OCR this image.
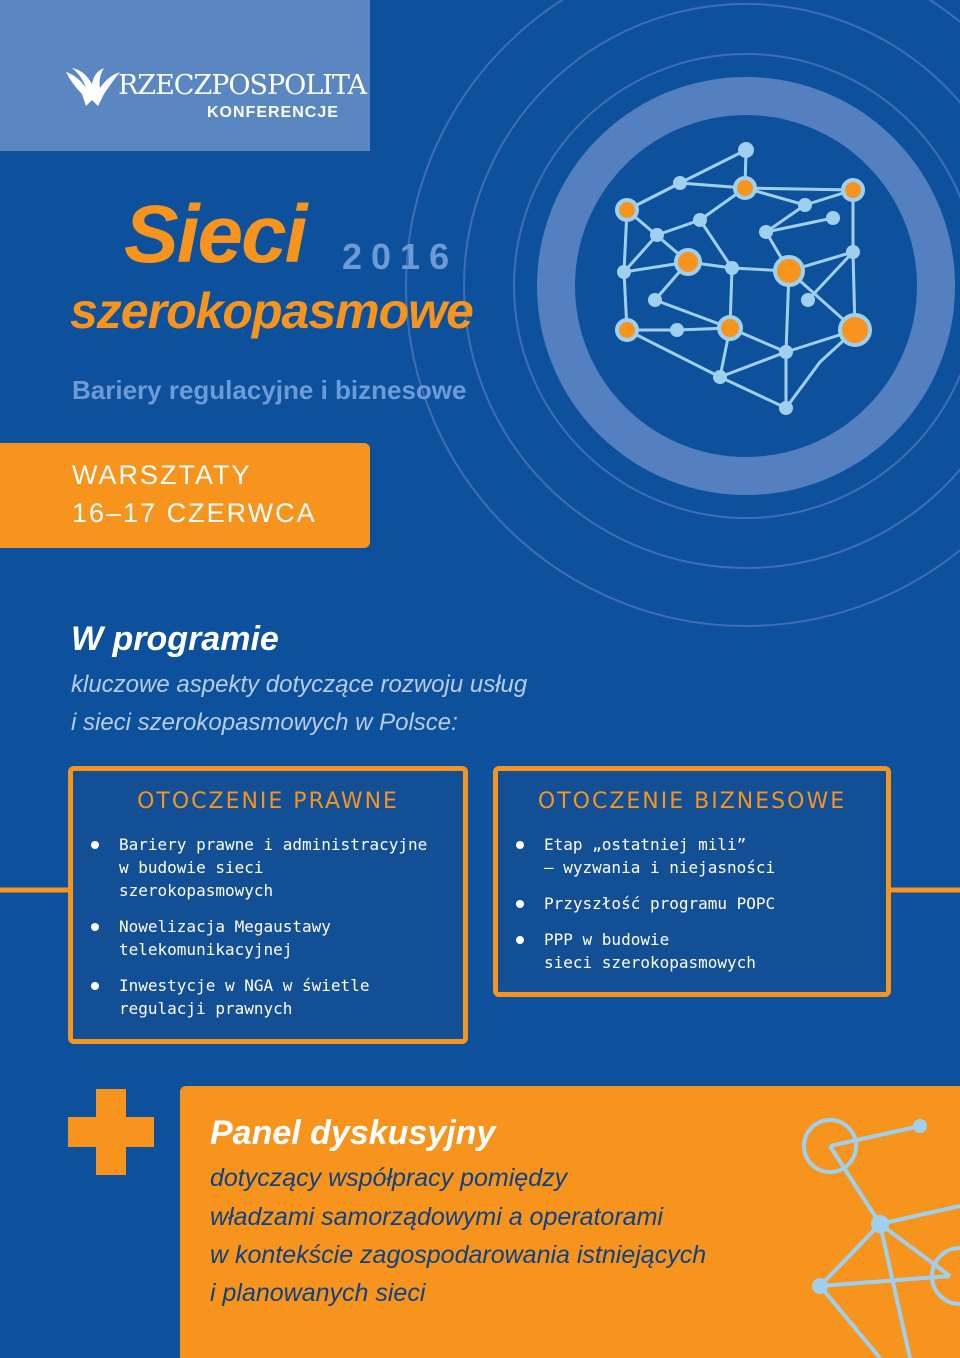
RZECZPOSPOLITA
KONFERENCJE
Sieci 2016
szerokopasmowe
Bariery regulacyjne i biznesowe
WARSZTATY
16–17 CZERWCA
W programie
kluczowe aspekty dotyczące rozwoju usług
i sieci szerokopasmowych w Polsce:
OTOCZENIE PRAWNE
Bariery prawne i administracyjne
w budowie sieci
szerokopasmowych
Nowelizacja Megaustawy
telekomunikacyjnej
Inwestycje w NGA w świetle
regulacji prawnych
OTOCZENIE BIZNESOWE
Etap „ostatniej mili”
– wyzwania i niejasności
Przyszłość programu POPC
PPP w budowie
sieci szerokopasmowych
Panel dyskusyjny
dotyczący współpracy pomiędzy
władzami samorządowymi a operatorami
w kontekście zagospodarowania istniejących
i planowanych sieci
